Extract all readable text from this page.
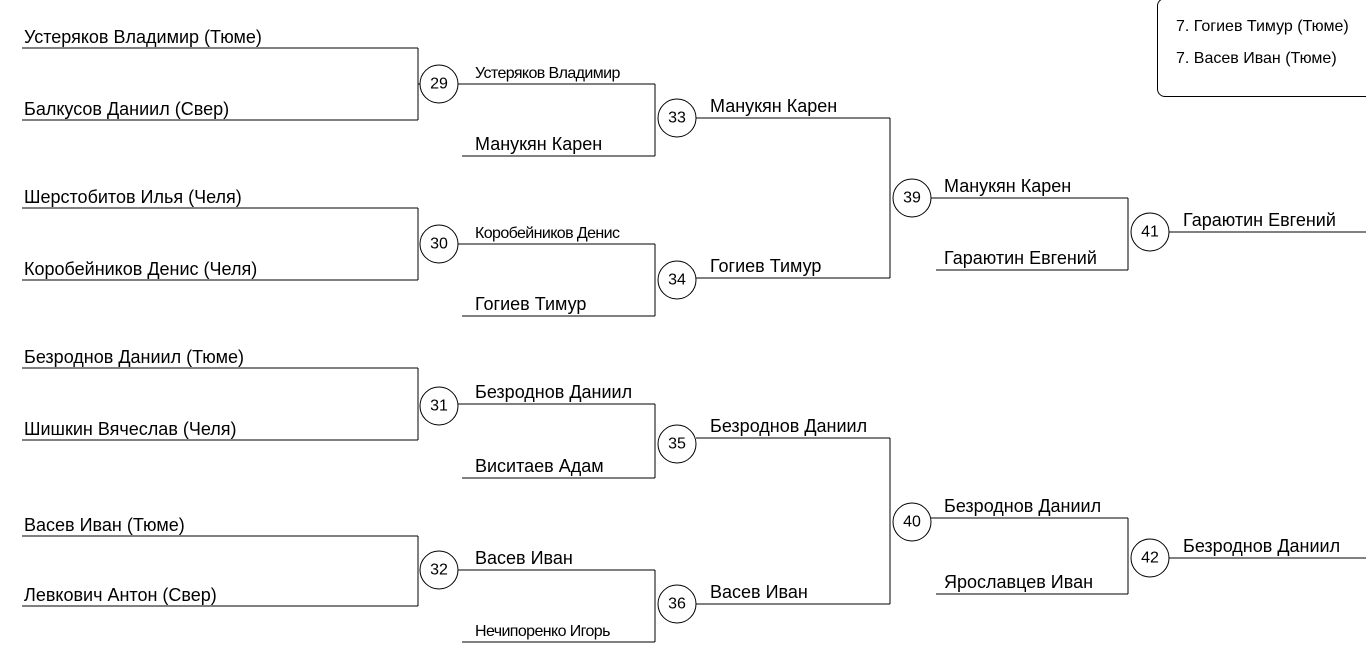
Устеряков Владимир (Тюме)
Балкусов Даниил (Свер)
29
Устеряков Владимир
Шерстобитов Илья (Челя)
Коробейников Денис (Челя)
30
Коробейников Денис
Безроднов Даниил (Тюме)
Шишкин Вячеслав (Челя)
31
Безроднов Даниил
Васев Иван (Тюме)
Левкович Антон (Свер)
32
Васев Иван
Манукян Карен
33
Манукян Карен
Гогиев Тимур
34
Гогиев Тимур
Виситаев Адам
35
Безроднов Даниил
Нечипоренко Игорь
36
Васев Иван
39
Манукян Карен
40
Безроднов Даниил
Гараютин Евгений
41
Гараютин Евгений
Ярославцев Иван
42
Безроднов Даниил
7. Гогиев Тимур (Тюме)
7. Васев Иван (Тюме)
